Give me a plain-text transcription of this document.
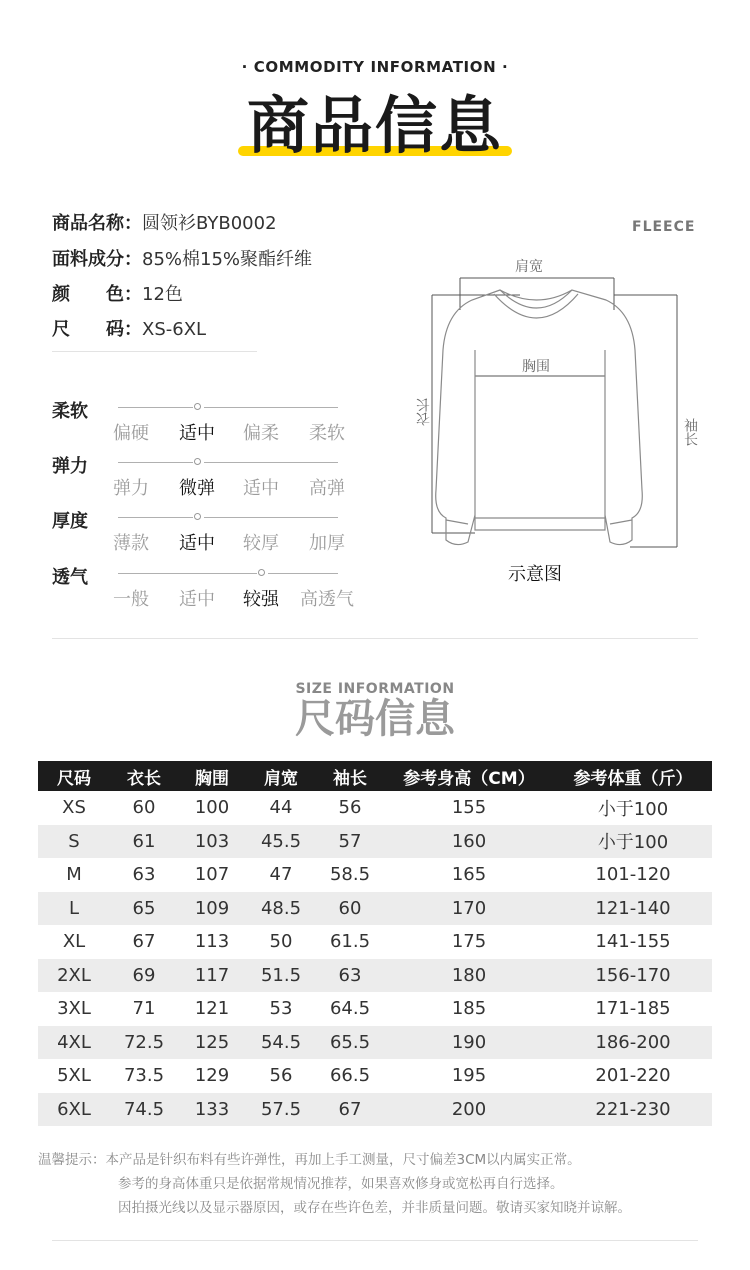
· COMMODITY INFORMATION ·
商品信息
商品名称：圆领衫BYB0002
面料成分：85%棉15%聚酯纤维
颜　　色：12色
尺　　码：XS-6XL
柔软
偏硬	适中	偏柔	柔软
弹力
弹力	微弹	适中	高弹
厚度
薄款	适中	较厚	加厚
透气
一般	适中	较强	高透气
FLEECE
肩宽
胸围
衣长
袖长
示意图
SIZE INFORMATION
尺码信息
尺码	衣长	胸围	肩宽	袖长	参考身高（CM）	参考体重（斤）
XS	60	100	44	56	155	小于100
S	61	103	45.5	57	160	小于100
M	63	107	47	58.5	165	101-120
L	65	109	48.5	60	170	121-140
XL	67	113	50	61.5	175	141-155
2XL	69	117	51.5	63	180	156-170
3XL	71	121	53	64.5	185	171-185
4XL	72.5	125	54.5	65.5	190	186-200
5XL	73.5	129	56	66.5	195	201-220
6XL	74.5	133	57.5	67	200	221-230
温馨提示：本产品是针织布料有些许弹性，再加上手工测量，尺寸偏差3CM以内属实正常。
参考的身高体重只是依据常规情况推荐，如果喜欢修身或宽松再自行选择。
因拍摄光线以及显示器原因，或存在些许色差，并非质量问题。敬请买家知晓并谅解。
